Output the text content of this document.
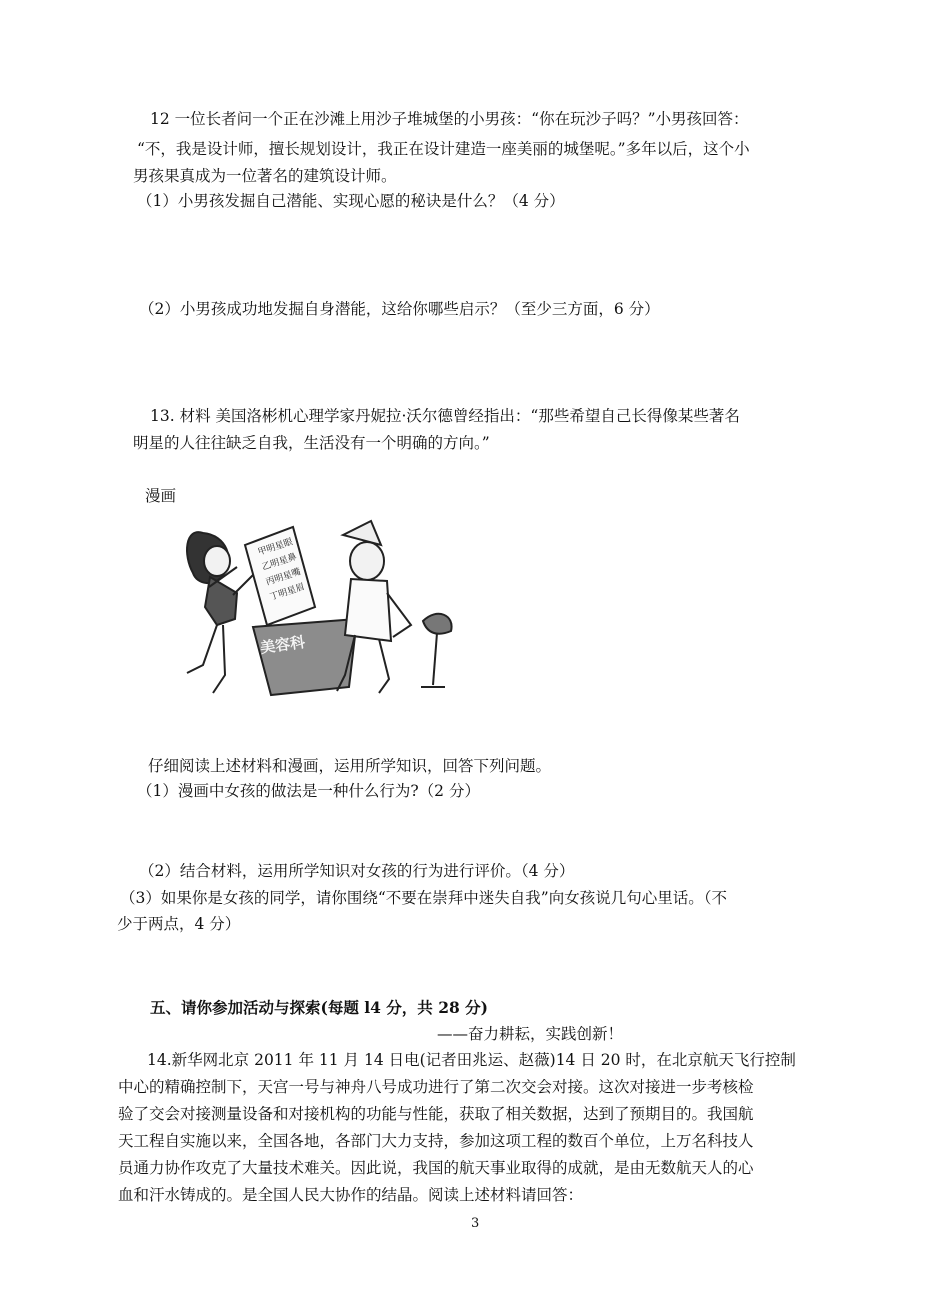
12 一位长者问一个正在沙滩上用沙子堆城堡的小男孩：“你在玩沙子吗？”小男孩回答：
“不，我是设计师，擅长规划设计，我正在设计建造一座美丽的城堡呢。”多年以后，这个小
男孩果真成为一位著名的建筑设计师。
（1）小男孩发掘自己潜能、实现心愿的秘诀是什么？（4 分）
（2）小男孩成功地发掘自身潜能，这给你哪些启示？（至少三方面，6 分）
13. 材料 美国洛彬机心理学家丹妮拉·沃尔德曾经指出：“那些希望自己长得像某些著名
明星的人往往缺乏自我，生活没有一个明确的方向。”
漫画
甲明星眼
乙明星鼻
丙明星嘴
丁明星眉
美容科
仔细阅读上述材料和漫画，运用所学知识，回答下列问题。
（1）漫画中女孩的做法是一种什么行为?（2 分）
（2）结合材料，运用所学知识对女孩的行为进行评价。（4 分）
（3）如果你是女孩的同学，请你围绕“不要在崇拜中迷失自我”向女孩说几句心里话。（不
少于两点，4 分）
五、请你参加活动与探索(每题 l4 分，共 28 分)
——奋力耕耘，实践创新！
14.新华网北京 2011 年 11 月 14 日电(记者田兆运、赵薇)14 日 20 时，在北京航天飞行控制
中心的精确控制下，天宫一号与神舟八号成功进行了第二次交会对接。这次对接进一步考核检
验了交会对接测量设备和对接机构的功能与性能，获取了相关数据，达到了预期目的。我国航
天工程自实施以来，全国各地，各部门大力支持，参加这项工程的数百个单位，上万名科技人
员通力协作攻克了大量技术难关。因此说，我国的航天事业取得的成就，是由无数航天人的心
血和汗水铸成的。是全国人民大协作的结晶。阅读上述材料请回答：
3
